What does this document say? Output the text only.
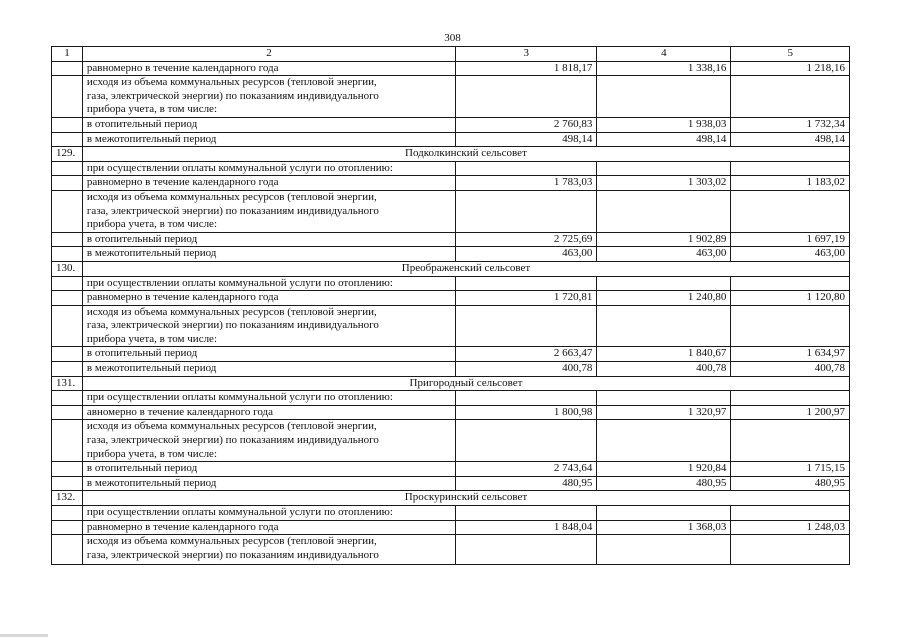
308
1	2	3	4	5
	равномерно в течение календарного года	1 818,17	1 338,16	1 218,16

	исходя из объема коммунальных ресурсов (тепловой энергии,
газа, электрической энергии) по показаниям индивидуального
прибора учета, в том числе:			

	в отопительный период	2 760,83	1 938,03	1 732,34
	в межотопительный период	498,14	498,14	498,14
129.	Подколкинский сельсовет			
	при осуществлении оплаты коммунальной услуги по отоплению:			
	равномерно в течение календарного года	1 783,03	1 303,02	1 183,02

	исходя из объема коммунальных ресурсов (тепловой энергии,
газа, электрической энергии) по показаниям индивидуального
прибора учета, в том числе:			

	в отопительный период	2 725,69	1 902,89	1 697,19
	в межотопительный период	463,00	463,00	463,00
130.	Преображенский сельсовет			
	при осуществлении оплаты коммунальной услуги по отоплению:			
	равномерно в течение календарного года	1 720,81	1 240,80	1 120,80

	исходя из объема коммунальных ресурсов (тепловой энергии,
газа, электрической энергии) по показаниям индивидуального
прибора учета, в том числе:			

	в отопительный период	2 663,47	1 840,67	1 634,97
	в межотопительный период	400,78	400,78	400,78
131.	Пригородный сельсовет			
	при осуществлении оплаты коммунальной услуги по отоплению:			
	авномерно в течение календарного года	1 800,98	1 320,97	1 200,97

	исходя из объема коммунальных ресурсов (тепловой энергии,
газа, электрической энергии) по показаниям индивидуального
прибора учета, в том числе:			

	в отопительный период	2 743,64	1 920,84	1 715,15
	в межотопительный период	480,95	480,95	480,95
132.	Проскуринский сельсовет			
	при осуществлении оплаты коммунальной услуги по отоплению:			
	равномерно в течение календарного года	1 848,04	1 368,03	1 248,03

	исходя из объема коммунальных ресурсов (тепловой энергии,
газа, электрической энергии) по показаниям индивидуального			
